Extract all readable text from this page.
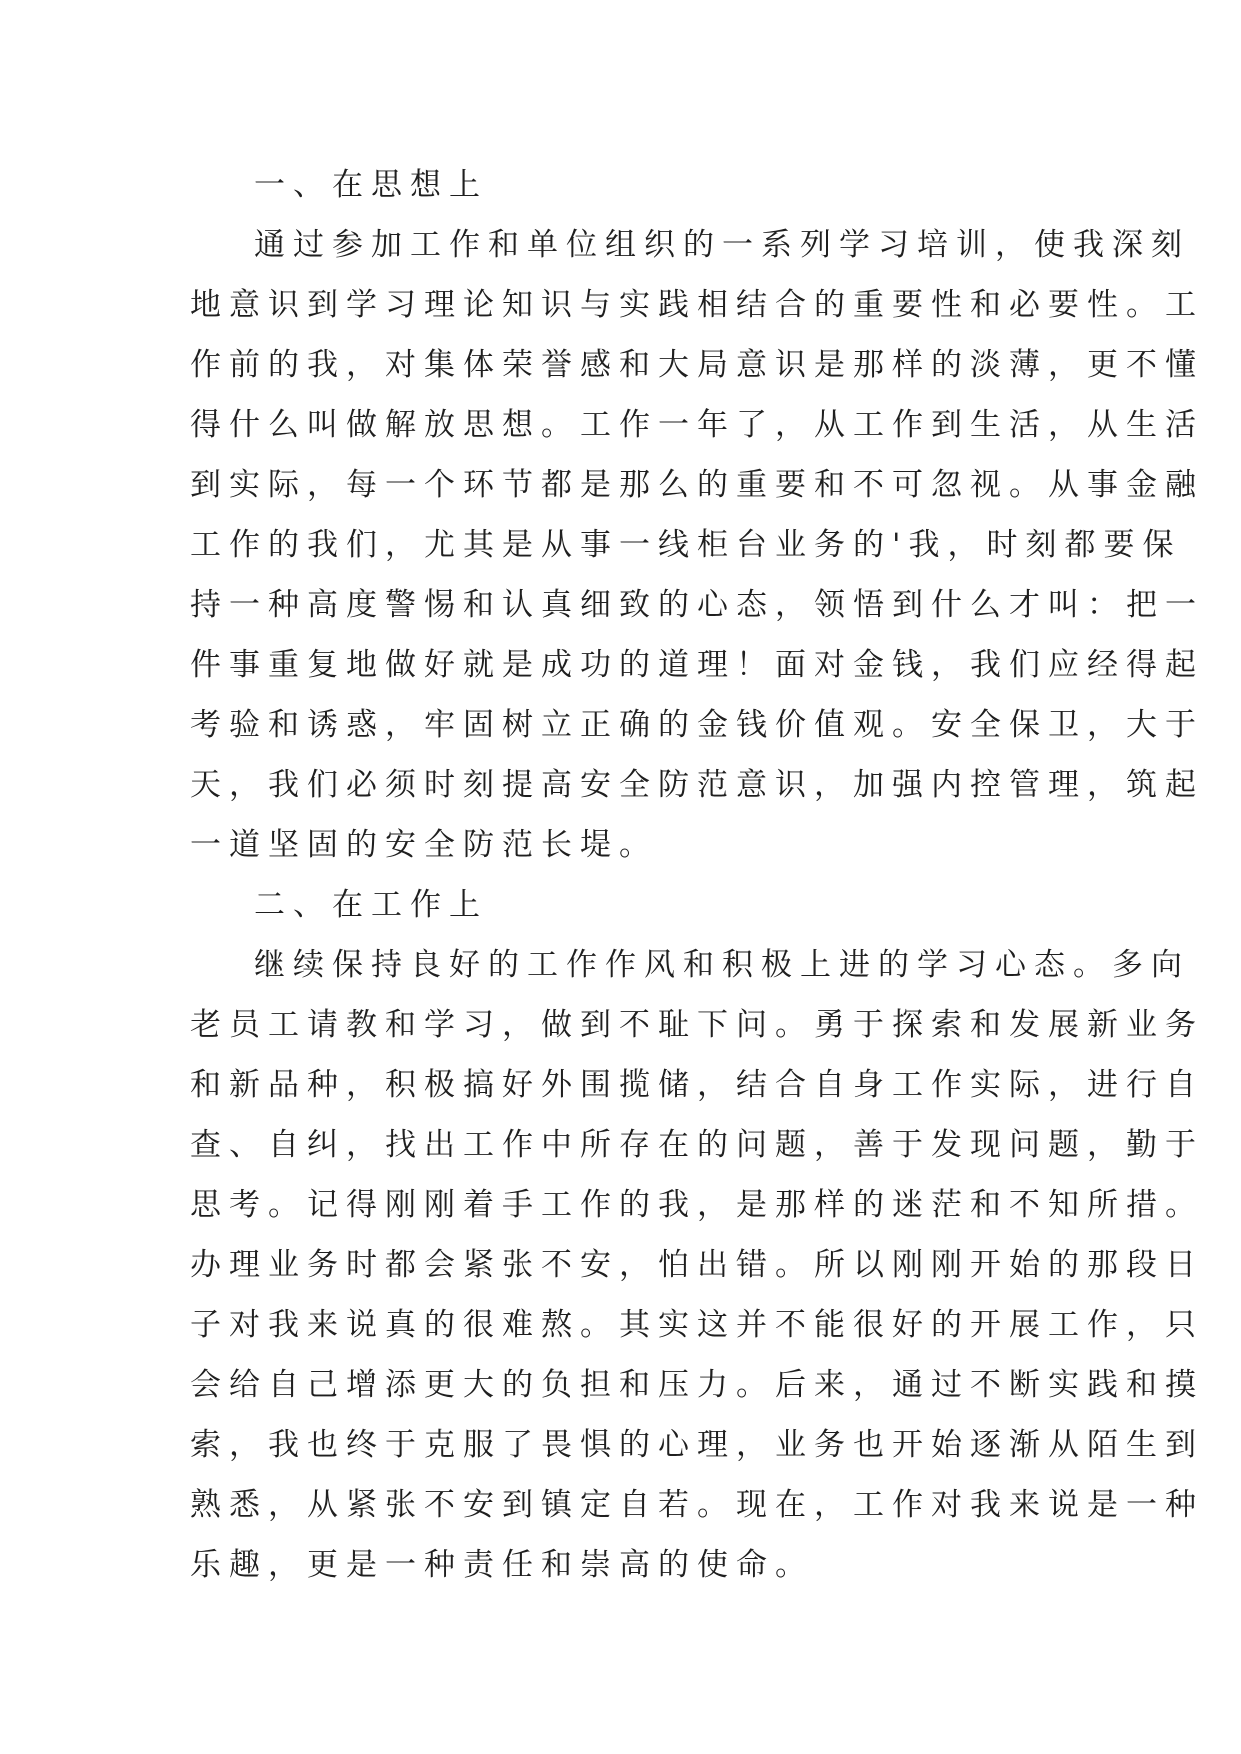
一、在思想上
通过参加工作和单位组织的一系列学习培训，使我深刻
地意识到学习理论知识与实践相结合的重要性和必要性。工
作前的我，对集体荣誉感和大局意识是那样的淡薄，更不懂
得什么叫做解放思想。工作一年了，从工作到生活，从生活
到实际，每一个环节都是那么的重要和不可忽视。从事金融
工作的我们，尤其是从事一线柜台业务的'我，时刻都要保
持一种高度警惕和认真细致的心态，领悟到什么才叫：把一
件事重复地做好就是成功的道理！面对金钱，我们应经得起
考验和诱惑，牢固树立正确的金钱价值观。安全保卫，大于
天，我们必须时刻提高安全防范意识，加强内控管理，筑起
一道坚固的安全防范长堤。
二、在工作上
继续保持良好的工作作风和积极上进的学习心态。多向
老员工请教和学习，做到不耻下问。勇于探索和发展新业务
和新品种，积极搞好外围揽储，结合自身工作实际，进行自
查、自纠，找出工作中所存在的问题，善于发现问题，勤于
思考。记得刚刚着手工作的我，是那样的迷茫和不知所措。
办理业务时都会紧张不安，怕出错。所以刚刚开始的那段日
子对我来说真的很难熬。其实这并不能很好的开展工作，只
会给自己增添更大的负担和压力。后来，通过不断实践和摸
索，我也终于克服了畏惧的心理，业务也开始逐渐从陌生到
熟悉，从紧张不安到镇定自若。现在，工作对我来说是一种
乐趣，更是一种责任和崇高的使命。
